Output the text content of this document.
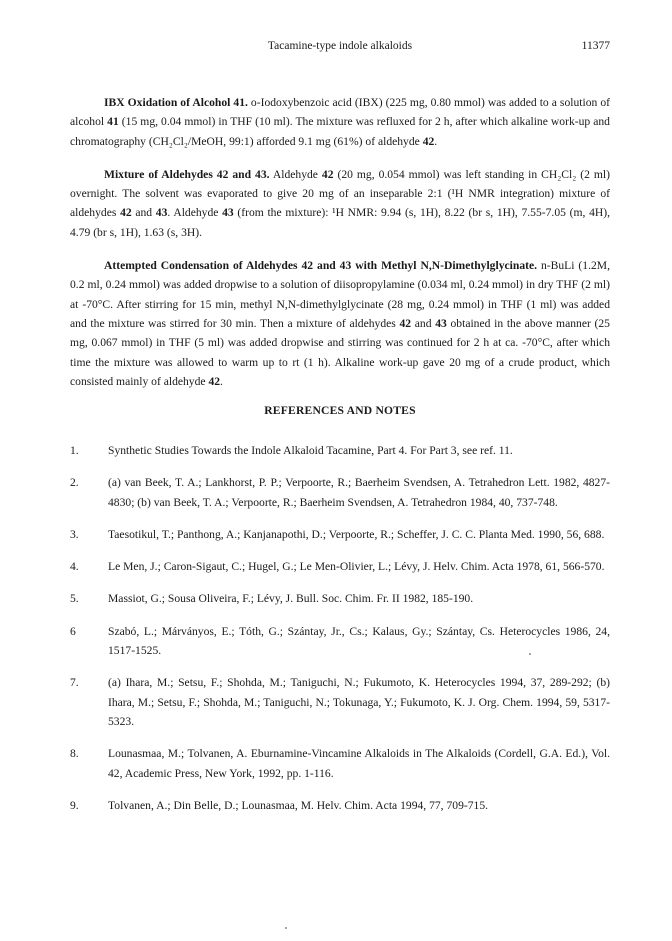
Tacamine-type indole alkaloids	11377

IBX Oxidation of Alcohol 41. o-Iodoxybenzoic acid (IBX) (225 mg, 0.80 mmol) was added to a solution of alcohol 41 (15 mg, 0.04 mmol) in THF (10 ml). The mixture was refluxed for 2 h, after which alkaline work-up and chromatography (CH₂Cl₂/MeOH, 99:1) afforded 9.1 mg (61%) of aldehyde 42.

Mixture of Aldehydes 42 and 43. Aldehyde 42 (20 mg, 0.054 mmol) was left standing in CH₂Cl₂ (2 ml) overnight. The solvent was evaporated to give 20 mg of an inseparable 2:1 (¹H NMR integration) mixture of aldehydes 42 and 43. Aldehyde 43 (from the mixture): ¹H NMR: 9.94 (s, 1H), 8.22 (br s, 1H), 7.55-7.05 (m, 4H), 4.79 (br s, 1H), 1.63 (s, 3H).

Attempted Condensation of Aldehydes 42 and 43 with Methyl N,N-Dimethylglycinate. n-BuLi (1.2M, 0.2 ml, 0.24 mmol) was added dropwise to a solution of diisopropylamine (0.034 ml, 0.24 mmol) in dry THF (2 ml) at -70°C. After stirring for 15 min, methyl N,N-dimethylglycinate (28 mg, 0.24 mmol) in THF (1 ml) was added and the mixture was stirred for 30 min. Then a mixture of aldehydes 42 and 43 obtained in the above manner (25 mg, 0.067 mmol) in THF (5 ml) was added dropwise and stirring was continued for 2 h at ca. -70°C, after which time the mixture was allowed to warm up to rt (1 h). Alkaline work-up gave 20 mg of a crude product, which consisted mainly of aldehyde 42.

REFERENCES AND NOTES
1.	Synthetic Studies Towards the Indole Alkaloid Tacamine, Part 4. For Part 3, see ref. 11.
2.	(a) van Beek, T. A.; Lankhorst, P. P.; Verpoorte, R.; Baerheim Svendsen, A. Tetrahedron Lett. 1982, 4827-4830; (b) van Beek, T. A.; Verpoorte, R.; Baerheim Svendsen, A. Tetrahedron 1984, 40, 737-748.
3.	Taesotikul, T.; Panthong, A.; Kanjanapothi, D.; Verpoorte, R.; Scheffer, J. C. C. Planta Med. 1990, 56, 688.
4.	Le Men, J.; Caron-Sigaut, C.; Hugel, G.; Le Men-Olivier, L.; Lévy, J. Helv. Chim. Acta 1978, 61, 566-570.
5.	Massiot, G.; Sousa Oliveira, F.; Lévy, J. Bull. Soc. Chim. Fr. II 1982, 185-190.
6	Szabó, L.; Márványos, E.; Tóth, G.; Szántay, Jr., Cs.; Kalaus, Gy.; Szántay, Cs. Heterocycles 1986, 24, 1517-1525.
7.	(a) Ihara, M.; Setsu, F.; Shohda, M.; Taniguchi, N.; Fukumoto, K. Heterocycles 1994, 37, 289-292; (b) Ihara, M.; Setsu, F.; Shohda, M.; Taniguchi, N.; Tokunaga, Y.; Fukumoto, K. J. Org. Chem. 1994, 59, 5317-5323.
8.	Lounasmaa, M.; Tolvanen, A. Eburnamine-Vincamine Alkaloids in The Alkaloids (Cordell, G.A. Ed.), Vol. 42, Academic Press, New York, 1992, pp. 1-116.
9.	Tolvanen, A.; Din Belle, D.; Lounasmaa, M. Helv. Chim. Acta 1994, 77, 709-715.
